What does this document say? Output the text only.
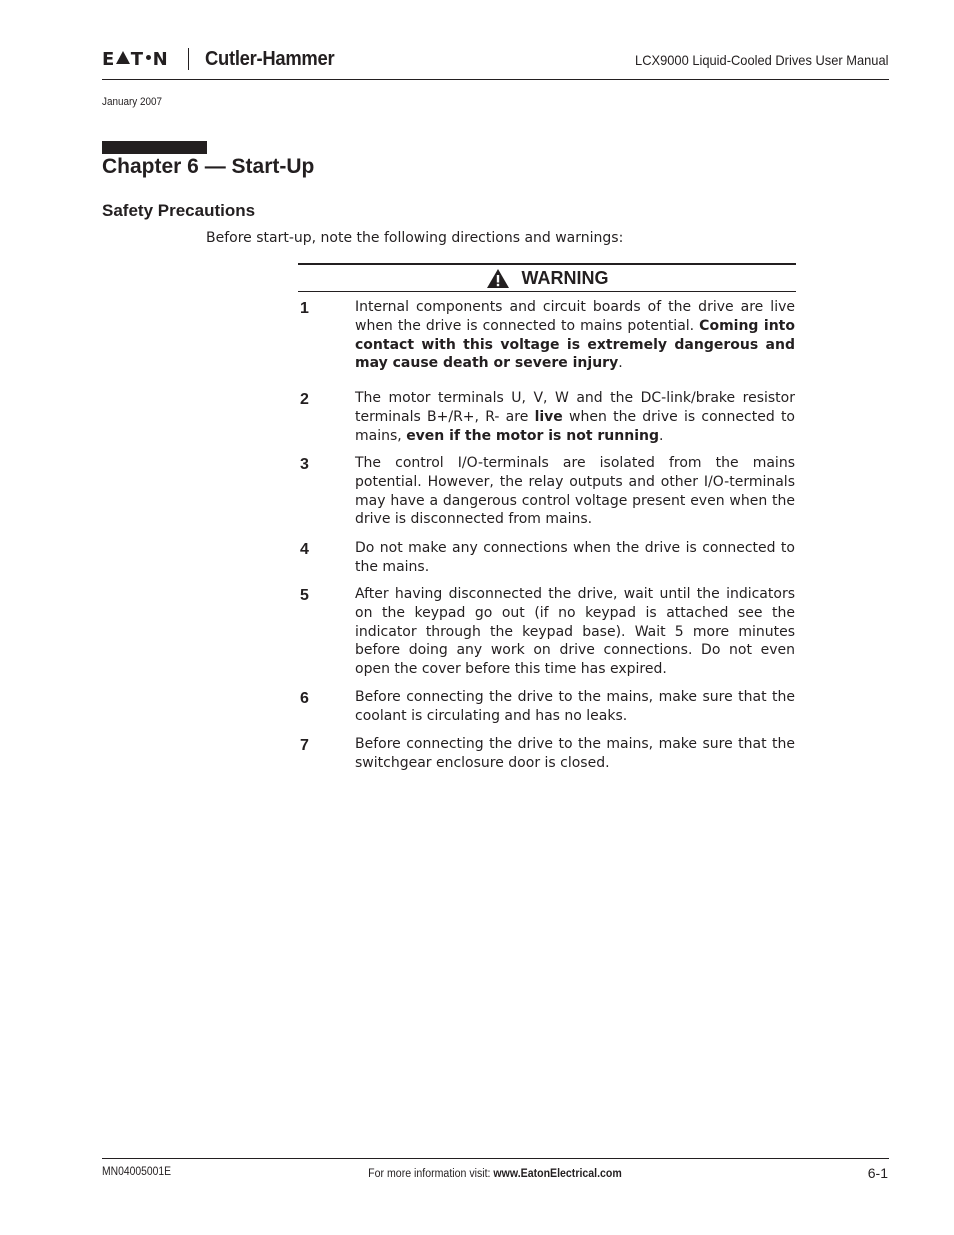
E T N Cutler-Hammer	LCX9000 Liquid-Cooled Drives User Manual
January 2007
Chapter 6 — Start-Up
Safety Precautions
Before start-up, note the following directions and warnings:
WARNING
1	Internal components and circuit boards of the drive are live when the drive is connected to mains potential. Coming into contact with this voltage is extremely dangerous and may cause death or severe injury.
2	The motor terminals U, V, W and the DC-link/brake resistor terminals B+/R+, R- are live when the drive is connected to mains, even if the motor is not running.
3	The control I/O-terminals are isolated from the mains potential. However, the relay outputs and other I/O-terminals may have a dangerous control voltage present even when the drive is disconnected from mains.
4	Do not make any connections when the drive is connected to the mains.
5	After having disconnected the drive, wait until the indicators on the keypad go out (if no keypad is attached see the indicator through the keypad base). Wait 5 more minutes before doing any work on drive connections. Do not even open the cover before this time has expired.
6	Before connecting the drive to the mains, make sure that the coolant is circulating and has no leaks.
7	Before connecting the drive to the mains, make sure that the switchgear enclosure door is closed.
MN04005001E	For more information visit: www.EatonElectrical.com	6-1
